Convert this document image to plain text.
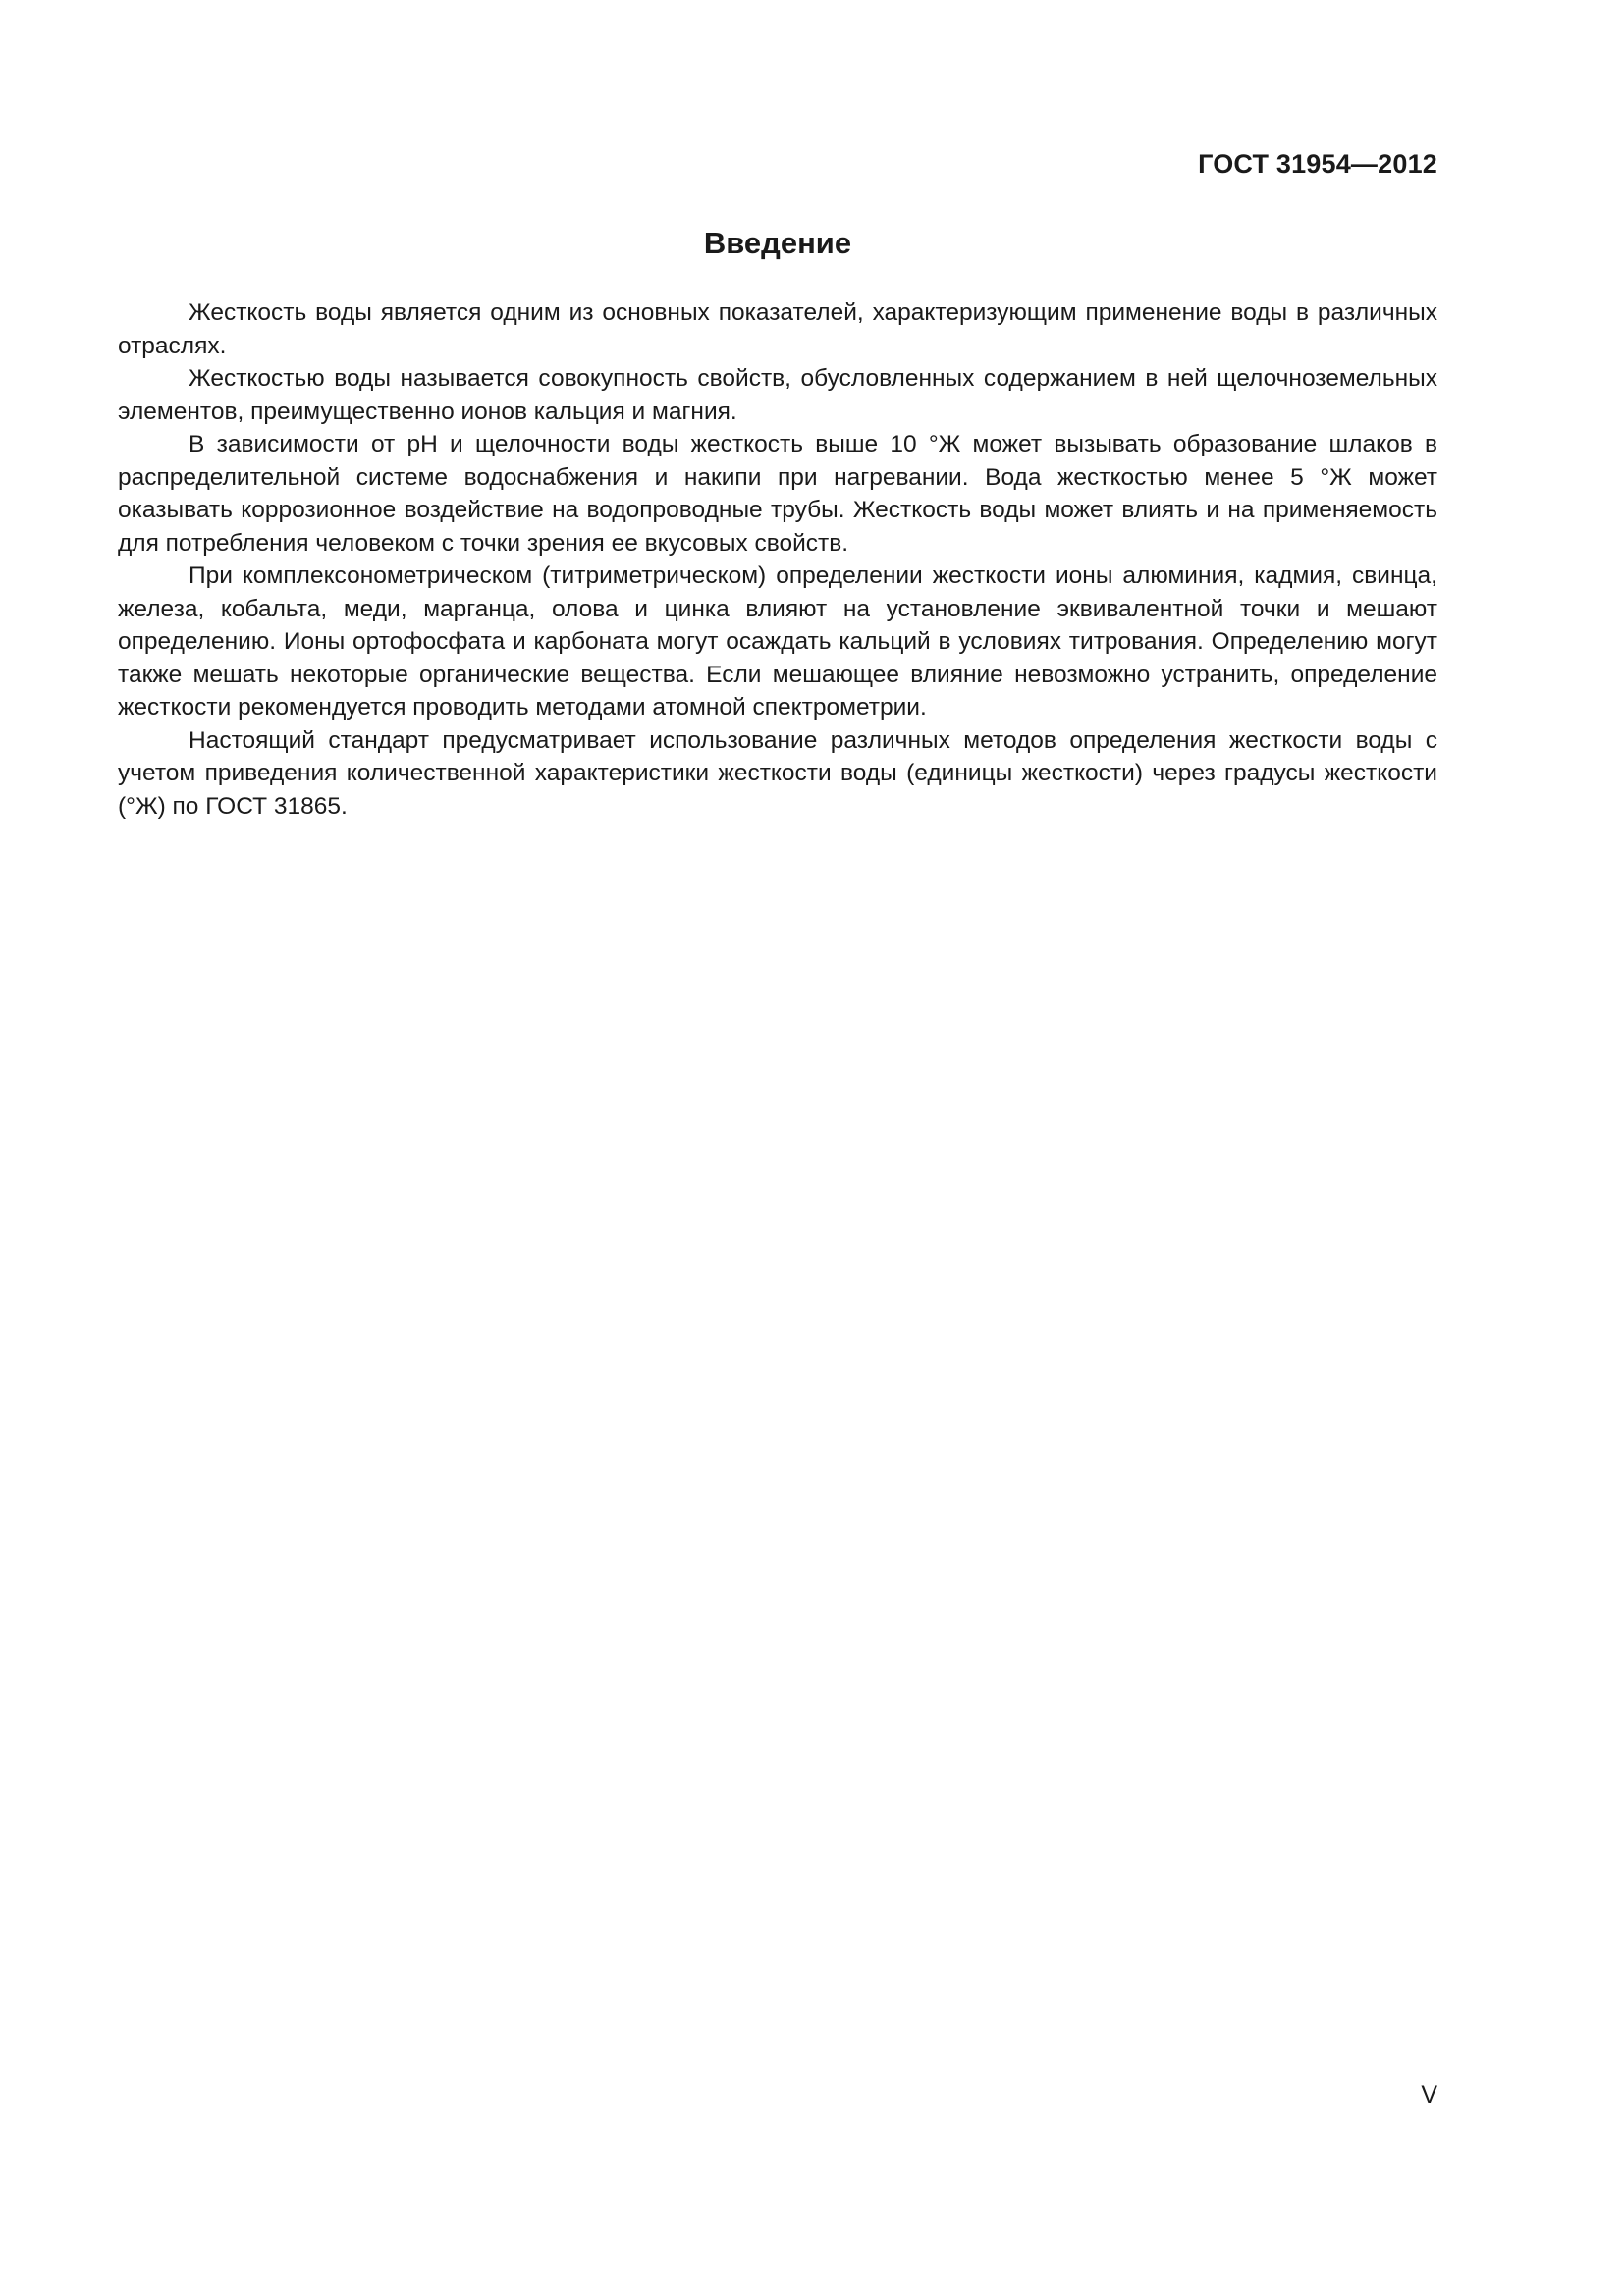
ГОСТ 31954—2012
Введение

Жесткость воды является одним из основных показателей, характеризующим применение воды в различных отраслях.

Жесткостью воды называется совокупность свойств, обусловленных содержанием в ней щелочноземельных элементов, преимущественно ионов кальция и магния.

В зависимости от pH и щелочности воды жесткость выше 10 °Ж может вызывать образование шлаков в распределительной системе водоснабжения и накипи при нагревании. Вода жесткостью менее 5 °Ж может оказывать коррозионное воздействие на водопроводные трубы. Жесткость воды может влиять и на применяемость для потребления человеком с точки зрения ее вкусовых свойств.

При комплексонометрическом (титриметрическом) определении жесткости ионы алюминия, кадмия, свинца, железа, кобальта, меди, марганца, олова и цинка влияют на установление эквивалентной точки и мешают определению. Ионы ортофосфата и карбоната могут осаждать кальций в условиях титрования. Определению могут также мешать некоторые органические вещества. Если мешающее влияние невозможно устранить, определение жесткости рекомендуется проводить методами атомной спектрометрии.

Настоящий стандарт предусматривает использование различных методов определения жесткости воды с учетом приведения количественной характеристики жесткости воды (единицы жесткости) через градусы жесткости (°Ж) по ГОСТ 31865.

V
